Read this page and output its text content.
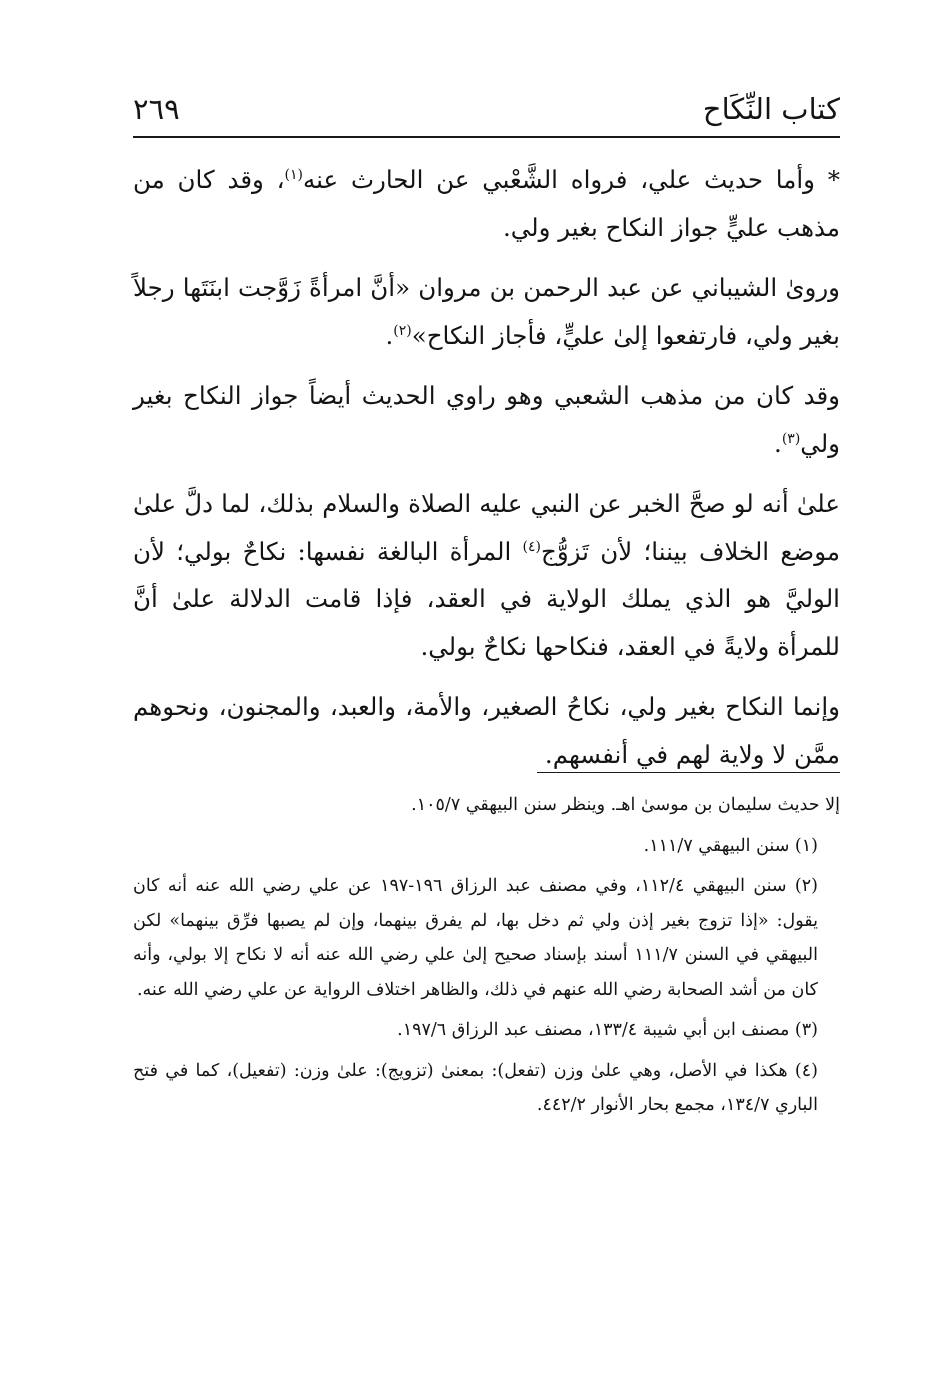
كتاب النِّكَاح
٢٦٩

* وأما حديث علي، فرواه الشَّعْبي عن الحارث عنه$^{(١)}$، وقد كان من مذهب عليٍّ جواز النكاح بغير ولي.

ورویٰ الشيباني عن عبد الرحمن بن مروان «أنَّ امرأةً زَوَّجت ابنَتَها رجلاً بغير ولي، فارتفعوا إلىٰ عليٍّ، فأجاز النكاح»$^{(٢)}$.

وقد كان من مذهب الشعبي وهو راوي الحديث أيضاً جواز النكاح بغير ولي$^{(٣)}$.

علىٰ أنه لو صحَّ الخبر عن النبي عليه الصلاة والسلام بذلك، لما دلَّ علىٰ موضع الخلاف بيننا؛ لأن تَزوُّج$^{(٤)}$ المرأة البالغة نفسها: نكاحٌ بولي؛ لأن الوليَّ هو الذي يملك الولاية في العقد، فإذا قامت الدلالة علىٰ أنَّ للمرأة ولايةً في العقد، فنكاحها نكاحٌ بولي.

وإنما النكاح بغير ولي، نكاحُ الصغير، والأمة، والعبد، والمجنون، ونحوهم ممَّن لا ولاية لهم في أنفسهم.

إلا حديث سليمان بن موسىٰ اهـ. وينظر سنن البيهقي ١٠٥/٧.

(١) سنن البيهقي ١١١/٧.

(٢) سنن البيهقي ١١٢/٤، وفي مصنف عبد الرزاق ١٩٦-١٩٧ عن علي رضي الله عنه أنه كان يقول: «إذا تزوج بغير إذن ولي ثم دخل بها، لم يفرق بينهما، وإن لم يصبها فرِّق بينهما» لكن البيهقي في السنن ١١١/٧ أسند بإسناد صحيح إلىٰ علي رضي الله عنه أنه لا نكاح إلا بولي، وأنه كان من أشد الصحابة رضي الله عنهم في ذلك، والظاهر اختلاف الرواية عن علي رضي الله عنه.

(٣) مصنف ابن أبي شيبة ١٣٣/٤، مصنف عبد الرزاق ١٩٧/٦.

(٤) هكذا في الأصل، وهي علىٰ وزن (تفعل): بمعنىٰ (تزويج): علىٰ وزن: (تفعيل)، كما في فتح الباري ١٣٤/٧، مجمع بحار الأنوار ٤٤٢/٢.
